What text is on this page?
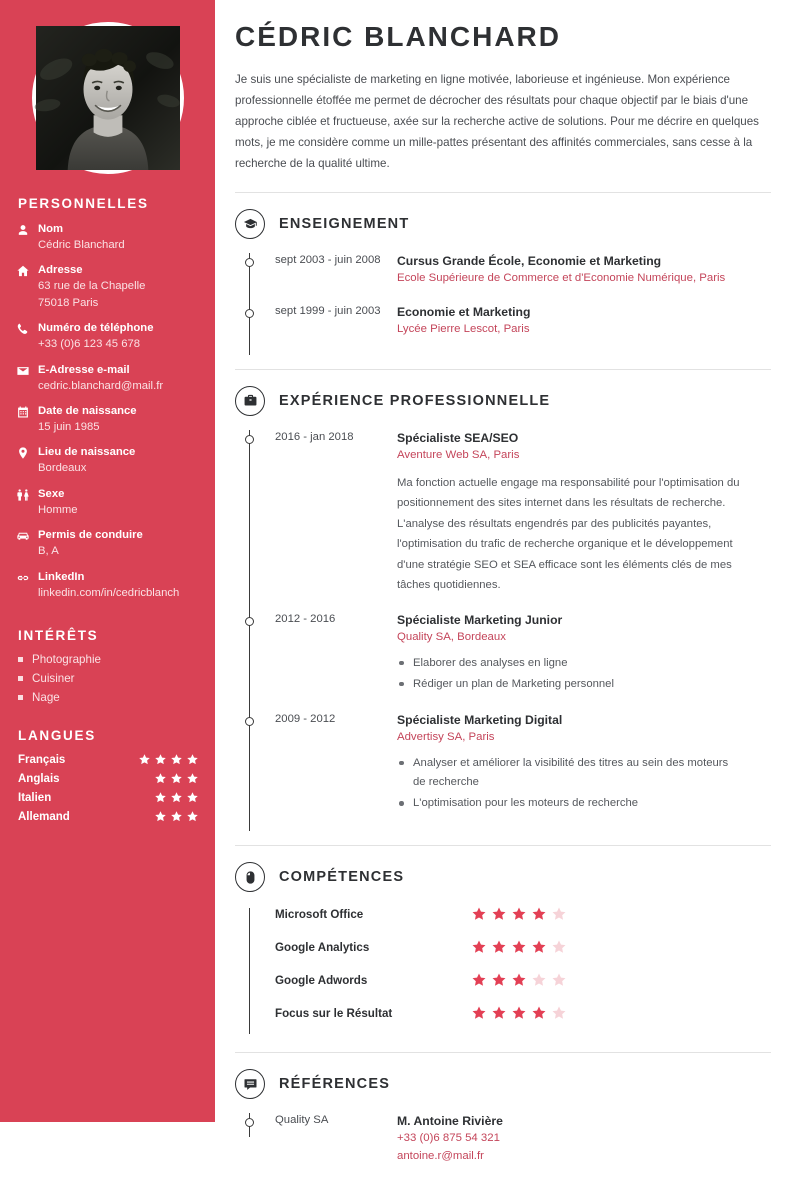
PERSONNELLES
Nom
Cédric Blanchard
Adresse
63 rue de la Chapelle
75018 Paris
Numéro de téléphone
+33 (0)6 123 45 678
E-Adresse e-mail
cedric.blanchard@mail.fr
Date de naissance
15 juin 1985
Lieu de naissance
Bordeaux
Sexe
Homme
Permis de conduire
B, A
LinkedIn
linkedin.com/in/cedricblanch
INTÉRÊTS
Photographie
Cuisiner
Nage
LANGUES
Français
Anglais
Italien
Allemand
CÉDRIC BLANCHARD

Je suis une spécialiste de marketing en ligne motivée, laborieuse et ingénieuse. Mon expérience professionnelle étoffée me permet de décrocher des résultats pour chaque objectif par le biais d'une approche ciblée et fructueuse, axée sur la recherche active de solutions. Pour me décrire en quelques mots, je me considère comme un mille-pattes présentant des affinités commerciales, sans cesse à la recherche de la qualité ultime.

ENSEIGNEMENT
sept 2003 - juin 2008	Cursus Grande École, Economie et Marketing
Ecole Supérieure de Commerce et d'Economie Numérique, Paris
sept 1999 - juin 2003	Economie et Marketing
Lycée Pierre Lescot, Paris
EXPÉRIENCE PROFESSIONNELLE
2016 - jan 2018	Spécialiste SEA/SEO
Aventure Web SA, Paris
Ma fonction actuelle engage ma responsabilité pour l'optimisation du positionnement des sites internet dans les résultats de recherche. L'analyse des résultats engendrés par des publicités payantes, l'optimisation du trafic de recherche organique et le développement d'une stratégie SEO et SEA efficace sont les éléments clés de mes tâches quotidiennes.
2012 - 2016	Spécialiste Marketing Junior
Quality SA, Bordeaux
Elaborer des analyses en ligne
Rédiger un plan de Marketing personnel
2009 - 2012	Spécialiste Marketing Digital
Advertisy SA, Paris
Analyser et améliorer la visibilité des titres au sein des moteurs de recherche
L'optimisation pour les moteurs de recherche
COMPÉTENCES
Microsoft Office
Google Analytics
Google Adwords
Focus sur le Résultat
RÉFÉRENCES
Quality SA	M. Antoine Rivière
+33 (0)6 875 54 321
antoine.r@mail.fr
